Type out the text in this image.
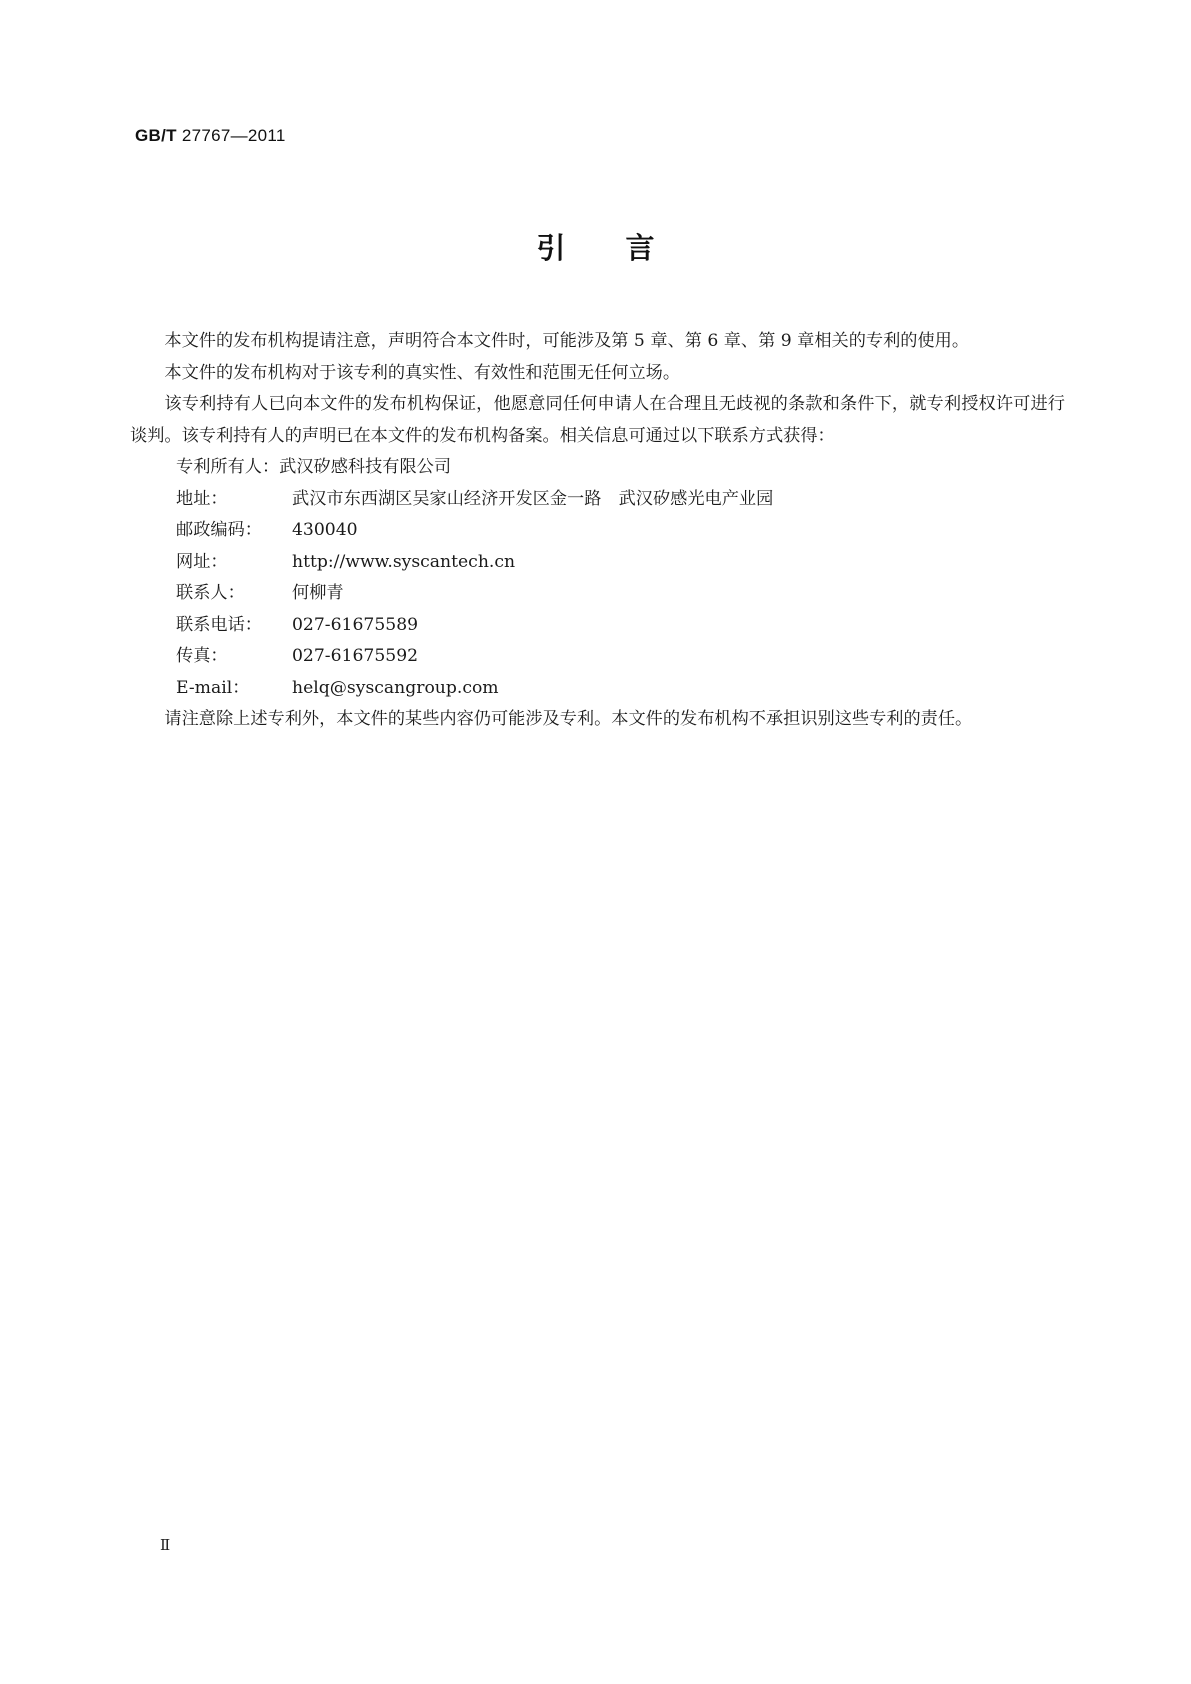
GB/T 27767—2011
引言

本文件的发布机构提请注意，声明符合本文件时，可能涉及第 5 章、第 6 章、第 9 章相关的专利的使用。

本文件的发布机构对于该专利的真实性、有效性和范围无任何立场。

该专利持有人已向本文件的发布机构保证，他愿意同任何申请人在合理且无歧视的条款和条件下，就专利授权许可进行谈判。该专利持有人的声明已在本文件的发布机构备案。相关信息可通过以下联系方式获得：

专利所有人： 武汉矽感科技有限公司
地址：	武汉市东西湖区吴家山经济开发区金一路　武汉矽感光电产业园
邮政编码：	430040
网址：	http://www.syscantech.cn
联系人：	何柳青
联系电话：	027-61675589
传真：	027-61675592
E-mail：	helq@syscangroup.com

请注意除上述专利外，本文件的某些内容仍可能涉及专利。本文件的发布机构不承担识别这些专利的责任。

Ⅱ
